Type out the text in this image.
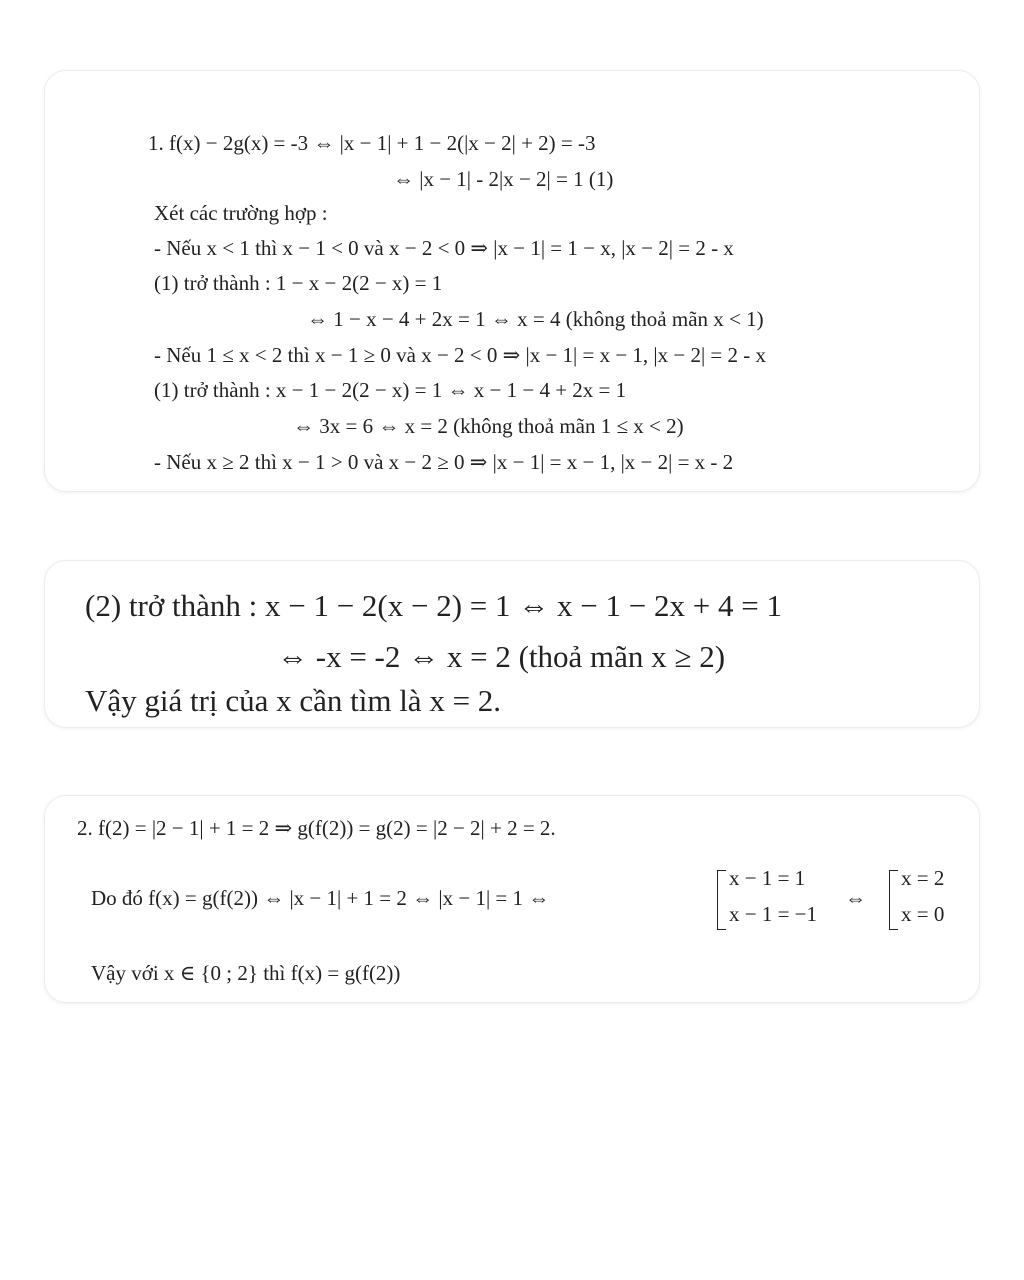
1. f(x) − 2g(x) = -3 ⇔ |x − 1| + 1 − 2(|x − 2| + 2) = -3
⇔ |x − 1| - 2|x − 2| = 1 (1)
Xét các trường hợp :
- Nếu x < 1 thì x − 1 < 0 và x − 2 < 0 ⇒ |x − 1| = 1 − x, |x − 2| = 2 - x
(1) trở thành : 1 − x − 2(2 − x) = 1
⇔ 1 − x − 4 + 2x = 1 ⇔ x = 4 (không thoả mãn x < 1)
- Nếu 1 ≤ x < 2 thì x − 1 ≥ 0 và x − 2 < 0 ⇒ |x − 1| = x − 1, |x − 2| = 2 - x
(1) trở thành : x − 1 − 2(2 − x) = 1 ⇔ x − 1 − 4 + 2x = 1
⇔ 3x = 6 ⇔ x = 2 (không thoả mãn 1 ≤ x < 2)
- Nếu x ≥ 2 thì x − 1 > 0 và x − 2 ≥ 0 ⇒ |x − 1| = x − 1, |x − 2| = x - 2
(2) trở thành : x − 1 − 2(x − 2) = 1 ⇔ x − 1 − 2x + 4 = 1
⇔ -x = -2 ⇔ x = 2 (thoả mãn x ≥ 2)
Vậy giá trị của x cần tìm là x = 2.
2. f(2) = |2 − 1| + 1 = 2 ⇒ g(f(2)) = g(2) = |2 − 2| + 2 = 2.
Do đó f(x) = g(f(2)) ⇔ |x − 1| + 1 = 2 ⇔ |x − 1| = 1 ⇔
x − 1 = 1
x − 1 = −1
⇔
x = 2
x = 0
Vậy với x ∈ {0 ; 2} thì f(x) = g(f(2))
